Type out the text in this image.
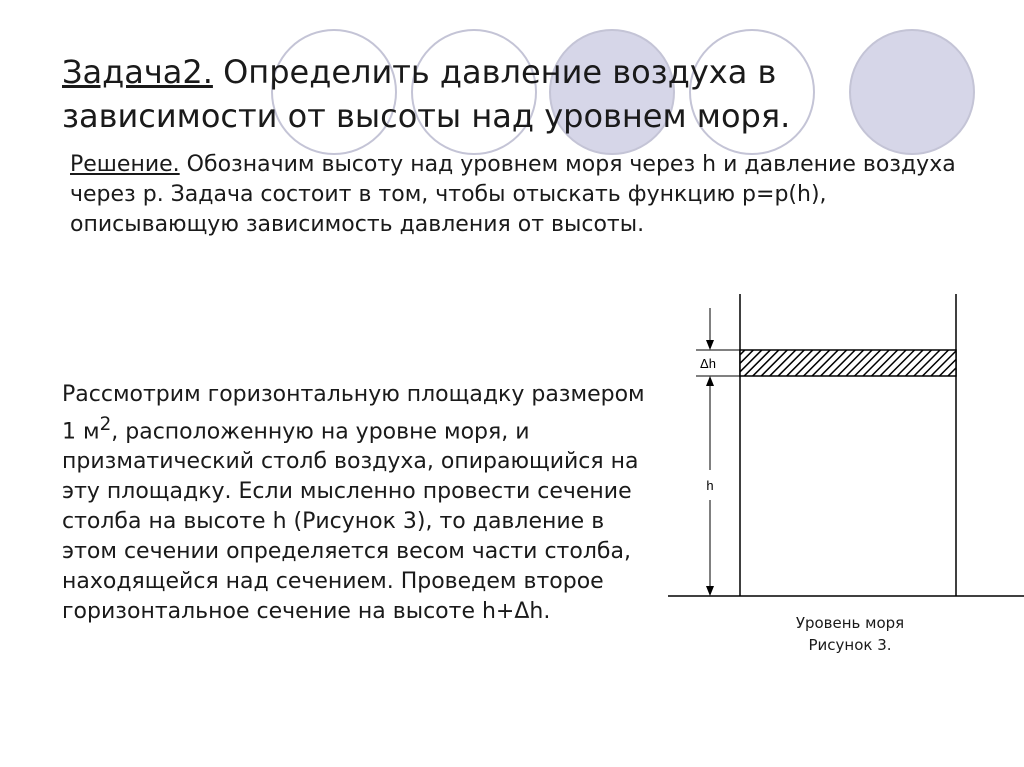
Задача2. Определить давление воздуха в зависимости от высоты над уровнем моря.

Решение. Обозначим высоту над уровнем моря через h и давление воздуха через р. Задача состоит в том, чтобы отыскать функцию р=р(h), описывающую зависимость давления от высоты.

Рассмотрим горизонтальную площадку размером 1 $м^2$, расположенную на уровне моря, и призматический столб воздуха, опирающийся на эту площадку. Если мысленно провести сечение столба на высоте h (Рисунок 3), то давление в этом сечении определяется весом части столба, находящейся над сечением. Проведем второе горизонтальное сечение на высоте h+Δh.

Δh
h
Уровень моря
Рисунок 3.
